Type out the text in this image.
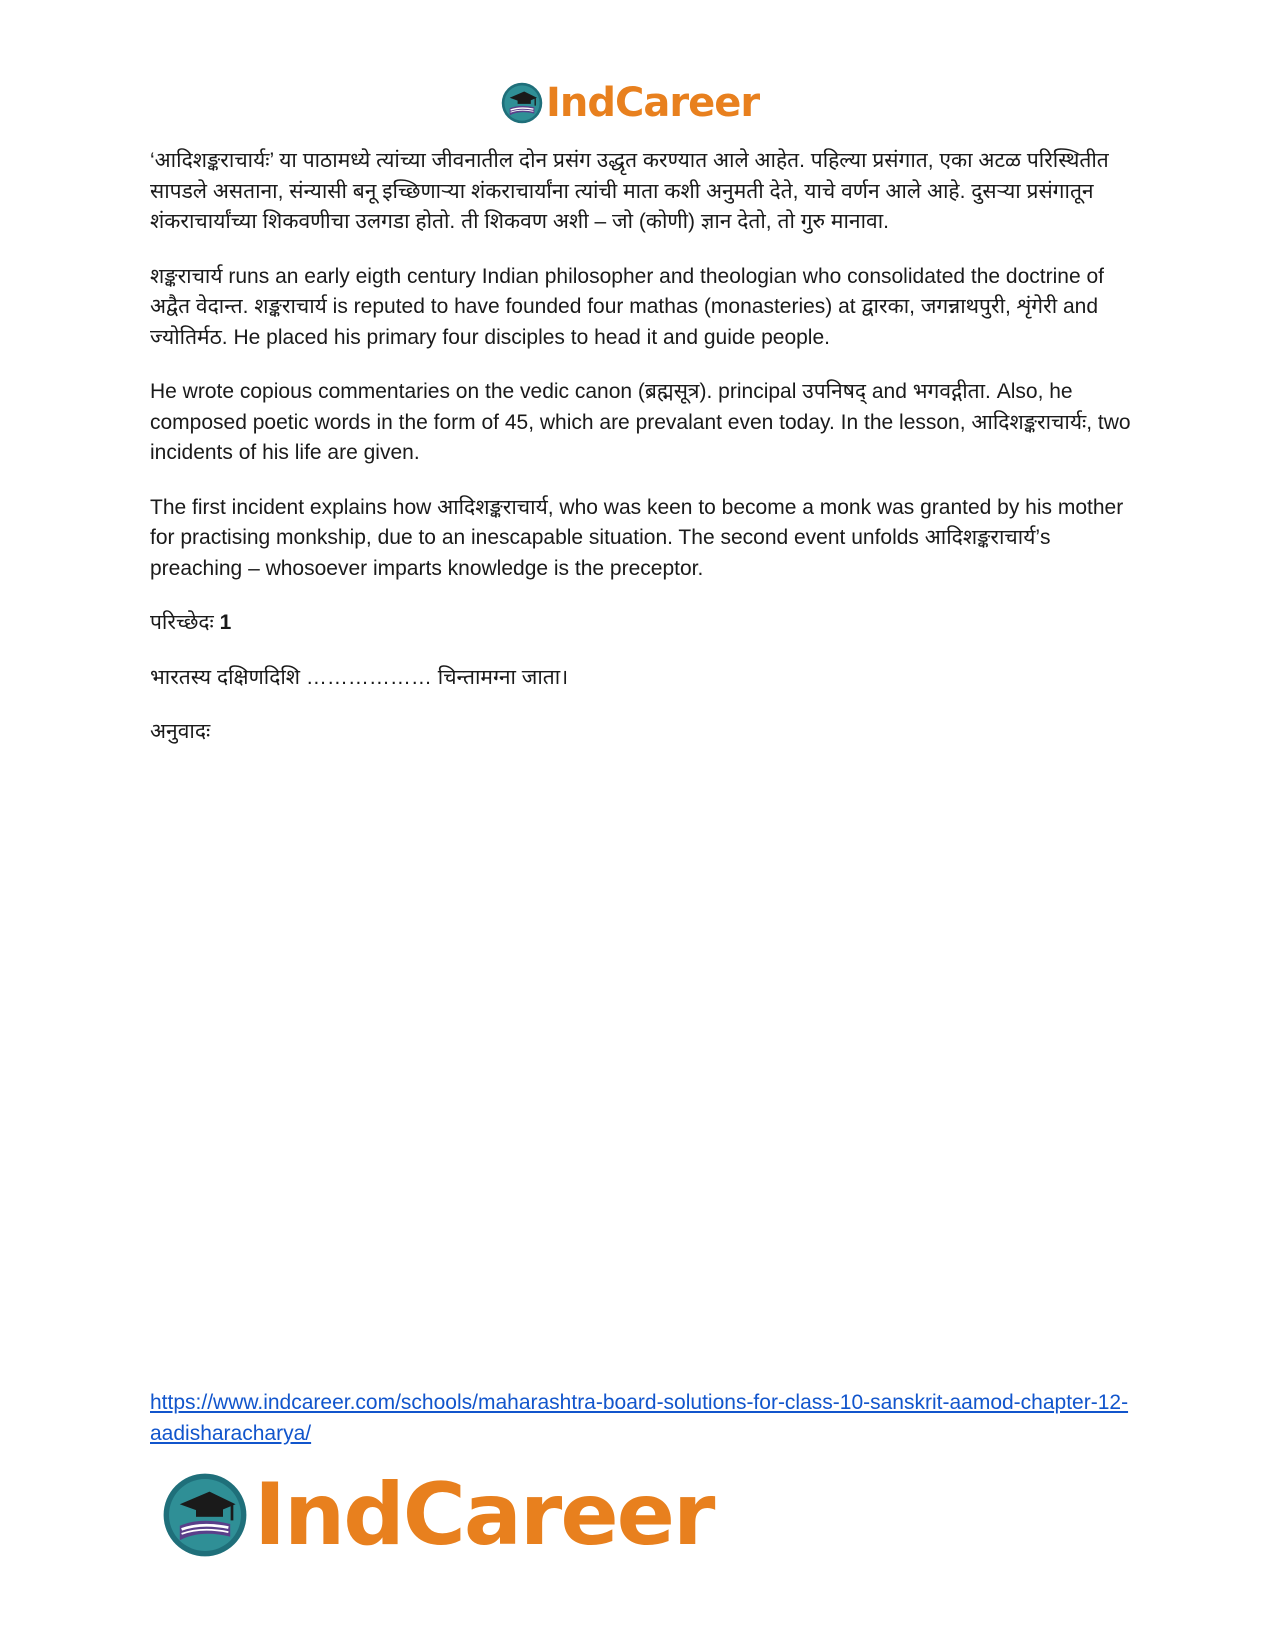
IndCareer

‘आदिशङ्कराचार्यः’ या पाठामध्ये त्यांच्या जीवनातील दोन प्रसंग उद्धृत करण्यात आले आहेत. पहिल्या प्रसंगात, एका अटळ परिस्थितीत सापडले असताना, संन्यासी बनू इच्छिणाऱ्या शंकराचार्यांना त्यांची माता कशी अनुमती देते, याचे वर्णन आले आहे. दुसऱ्या प्रसंगातून शंकराचार्यांच्या शिकवणीचा उलगडा होतो. ती शिकवण अशी – जो (कोणी) ज्ञान देतो, तो गुरु मानावा.

शङ्कराचार्य runs an early eigth century Indian philosopher and theologian who consolidated the doctrine of अद्वैत वेदान्त. शङ्कराचार्य is reputed to have founded four mathas (monasteries) at द्वारका, जगन्नाथपुरी, शृंगेरी and ज्योतिर्मठ. He placed his primary four disciples to head it and guide people.

He wrote copious commentaries on the vedic canon (ब्रह्मसूत्र). principal उपनिषद् and भगवद्गीता. Also, he composed poetic words in the form of 45, which are prevalant even today. In the lesson, आदिशङ्कराचार्यः, two incidents of his life are given.

The first incident explains how आदिशङ्कराचार्य, who was keen to become a monk was granted by his mother for practising monkship, due to an inescapable situation. The second event unfolds आदिशङ्कराचार्य’s preaching – whosoever imparts knowledge is the preceptor.

परिच्छेदः 1

भारतस्य दक्षिणदिशि ……………… चिन्तामग्ना जाता।

अनुवादः

https://www.indcareer.com/schools/maharashtra-board-solutions-for-class-10-sanskrit-aamod-chapter-12-aadisharacharya/
IndCareer
